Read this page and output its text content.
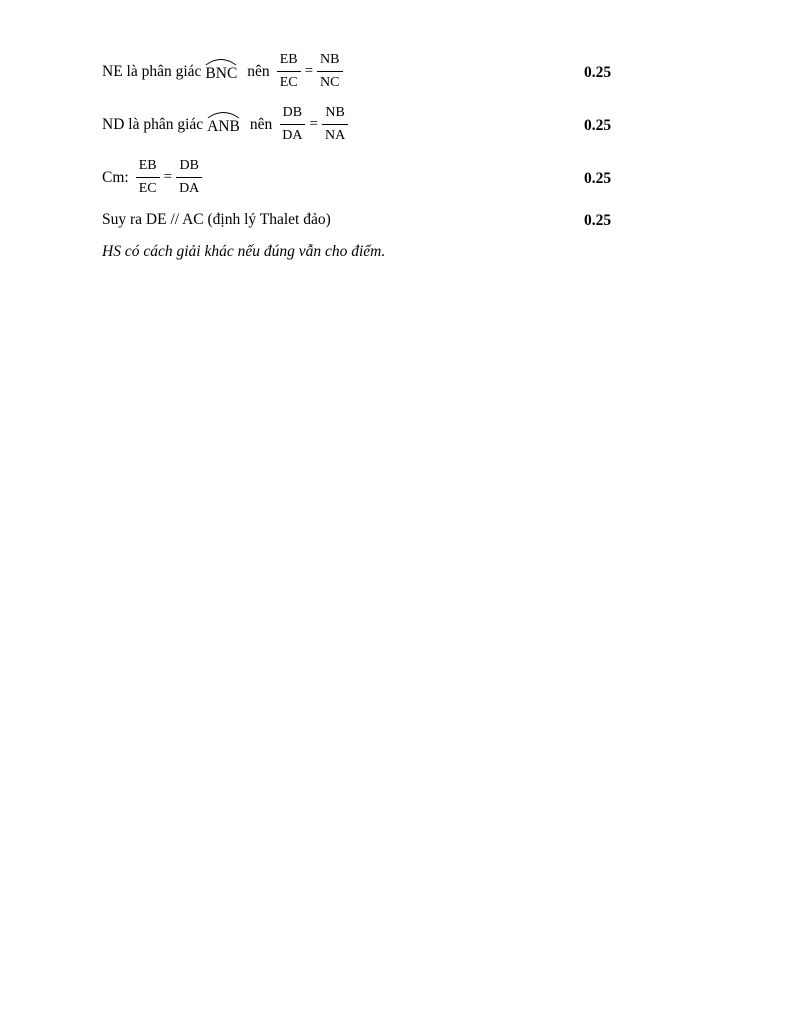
NE là phân giác BNC nên $\frac{EB}{EC} = \frac{NB}{NC}$	0.25
ND là phân giác ANB nên $\frac{DB}{DA} = \frac{NB}{NA}$	0.25
Cm: $\frac{EB}{EC} = \frac{DB}{DA}$	0.25
Suy ra DE // AC (định lý Thalet đảo)	0.25
HS có cách giải khác nếu đúng vẫn cho điểm.
